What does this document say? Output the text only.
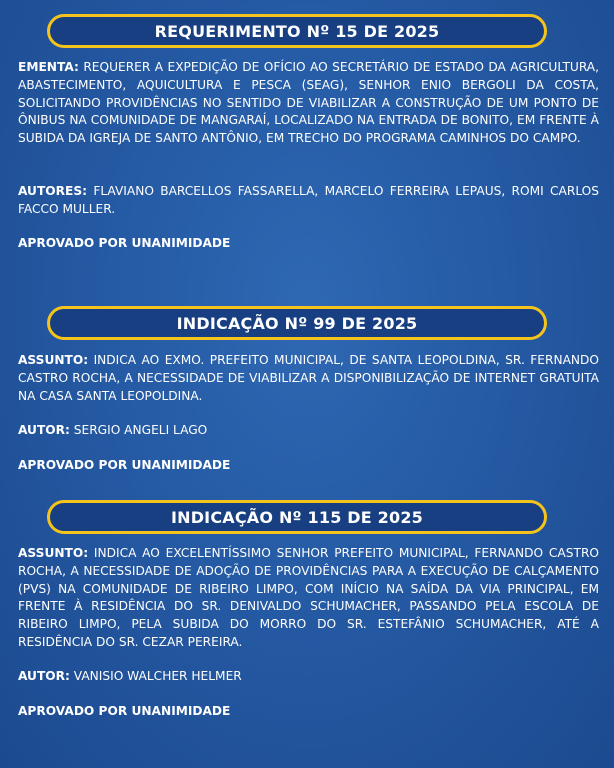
REQUERIMENTO Nº 15 DE 2025

EMENTA: REQUERER A EXPEDIÇÃO DE OFÍCIO AO SECRETÁRIO DE ESTADO DA AGRICULTURA, ABASTECIMENTO, AQUICULTURA E PESCA (SEAG), SENHOR ENIO BERGOLI DA COSTA, SOLICITANDO PROVIDÊNCIAS NO SENTIDO DE VIABILIZAR A CONSTRUÇÃO DE UM PONTO DE ÔNIBUS NA COMUNIDADE DE MANGARAÍ, LOCALIZADO NA ENTRADA DE BONITO, EM FRENTE À SUBIDA DA IGREJA DE SANTO ANTÔNIO, EM TRECHO DO PROGRAMA CAMINHOS DO CAMPO.

AUTORES: FLAVIANO BARCELLOS FASSARELLA, MARCELO FERREIRA LEPAUS, ROMI CARLOS FACCO MULLER.

APROVADO POR UNANIMIDADE

INDICAÇÃO Nº 99 DE 2025

ASSUNTO: INDICA AO EXMO. PREFEITO MUNICIPAL, DE SANTA LEOPOLDINA, SR. FERNANDO CASTRO ROCHA, A NECESSIDADE DE VIABILIZAR A DISPONIBILIZAÇÃO DE INTERNET GRATUITA NA CASA SANTA LEOPOLDINA.

AUTOR: SERGIO ANGELI LAGO

APROVADO POR UNANIMIDADE

INDICAÇÃO Nº 115 DE 2025

ASSUNTO: INDICA AO EXCELENTÍSSIMO SENHOR PREFEITO MUNICIPAL, FERNANDO CASTRO ROCHA, A NECESSIDADE DE ADOÇÃO DE PROVIDÊNCIAS PARA A EXECUÇÃO DE CALÇAMENTO (PVS) NA COMUNIDADE DE RIBEIRO LIMPO, COM INÍCIO NA SAÍDA DA VIA PRINCIPAL, EM FRENTE À RESIDÊNCIA DO SR. DENIVALDO SCHUMACHER, PASSANDO PELA ESCOLA DE RIBEIRO LIMPO, PELA SUBIDA DO MORRO DO SR. ESTEFÂNIO SCHUMACHER, ATÉ A RESIDÊNCIA DO SR. CEZAR PEREIRA.

AUTOR: VANISIO WALCHER HELMER

APROVADO POR UNANIMIDADE
